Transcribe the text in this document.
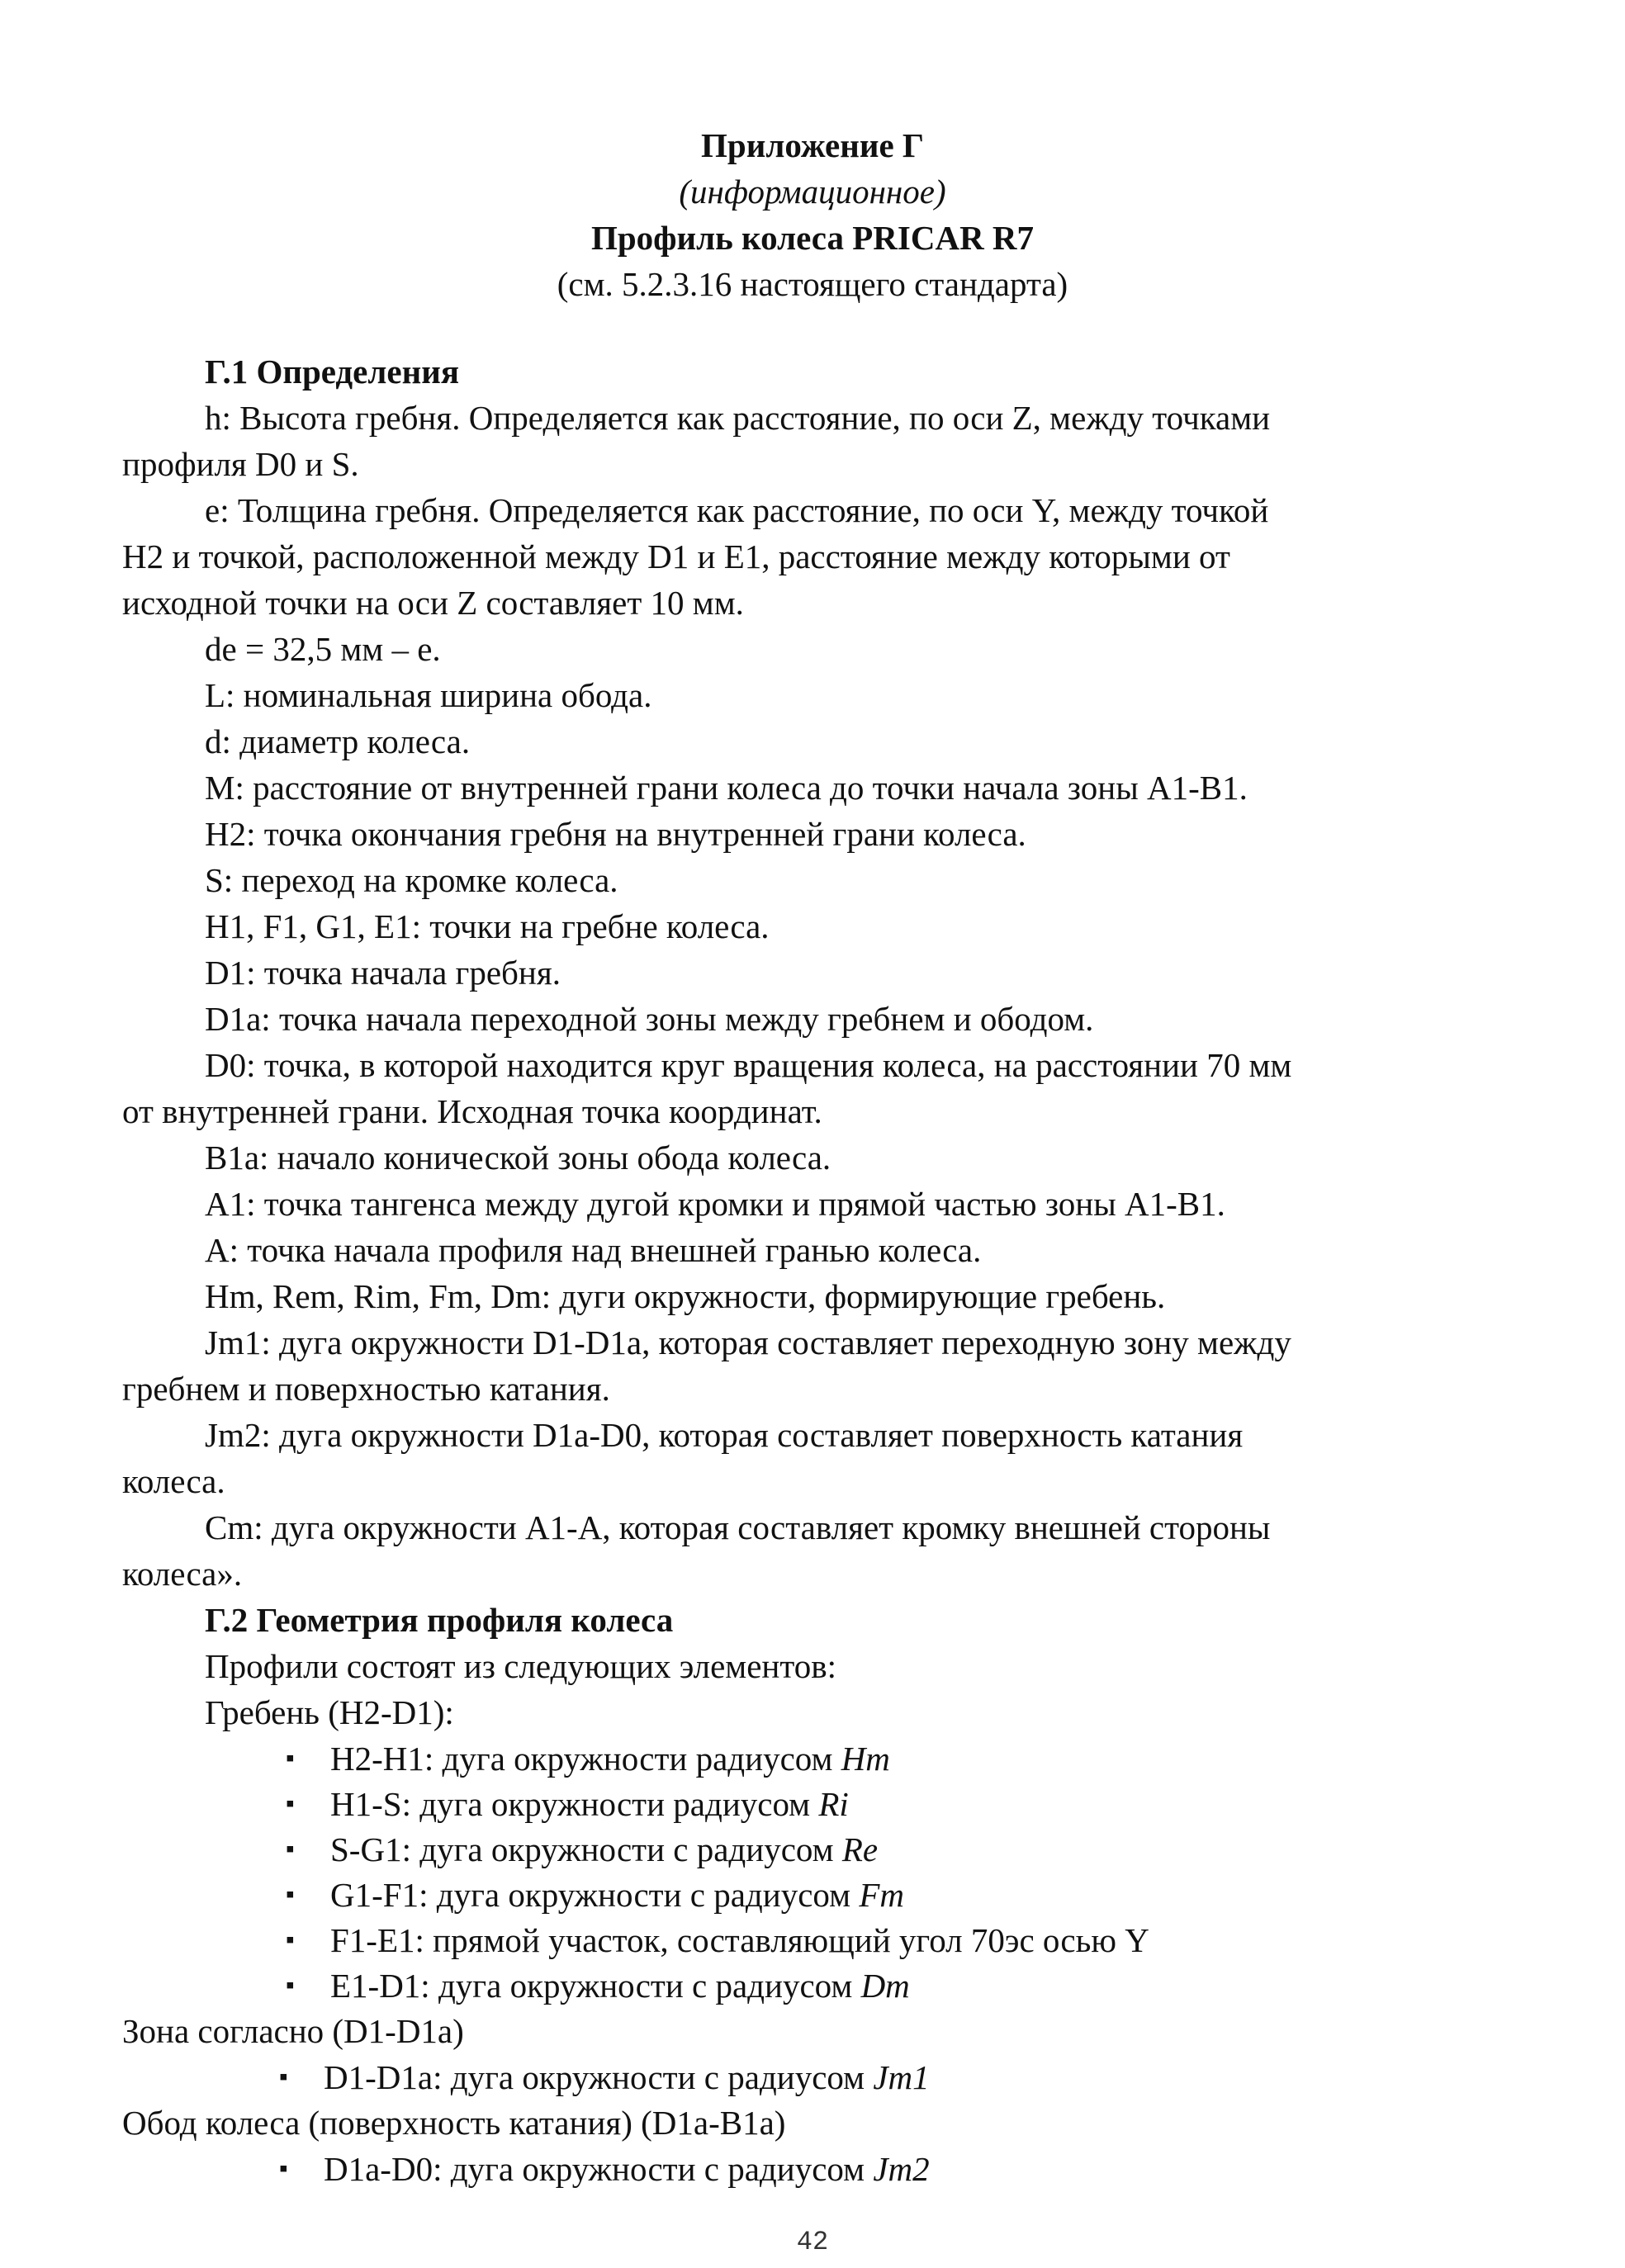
Приложение Г
(информационное)
Профиль колеса PRICAR R7
(см. 5.2.3.16 настоящего стандарта)
Г.1 Определения
h: Высота гребня. Определяется как расстояние, по оси Z, между точками
профиля D0 и S.
e: Толщина гребня. Определяется как расстояние, по оси Y, между точкой
H2 и точкой, расположенной между D1 и E1, расстояние между которыми от
исходной точки на оси Z составляет 10 мм.
de = 32,5 мм – e.
L: номинальная ширина обода.
d: диаметр колеса.
M: расстояние от внутренней грани колеса до точки начала зоны A1-B1.
H2: точка окончания гребня на внутренней грани колеса.
S: переход на кромке колеса.
H1, F1, G1, E1: точки на гребне колеса.
D1: точка начала гребня.
D1a: точка начала переходной зоны между гребнем и ободом.
D0: точка, в которой находится круг вращения колеса, на расстоянии 70 мм
от внутренней грани. Исходная точка координат.
B1a: начало конической зоны обода колеса.
A1: точка тангенса между дугой кромки и прямой частью зоны A1-B1.
A: точка начала профиля над внешней гранью колеса.
Hm, Rem, Rim, Fm, Dm: дуги окружности, формирующие гребень.
Jm1: дуга окружности D1-D1a, которая составляет переходную зону между
гребнем и поверхностью катания.
Jm2: дуга окружности D1a-D0, которая составляет поверхность катания
колеса.
Cm: дуга окружности A1-A, которая составляет кромку внешней стороны
колеса».
Г.2 Геометрия профиля колеса
Профили состоят из следующих элементов:
Гребень (H2-D1):
▪ H2-H1: дуга окружности радиусом Hm
▪ H1-S: дуга окружности радиусом Ri
▪ S-G1: дуга окружности с радиусом Re
▪ G1-F1: дуга окружности с радиусом Fm
▪ F1-E1: прямой участок, составляющий угол 70эс осью Y
▪ E1-D1: дуга окружности с радиусом Dm
Зона согласно (D1-D1a)
▪ D1-D1a: дуга окружности с радиусом Jm1
Обод колеса (поверхность катания) (D1a-B1a)
▪ D1a-D0: дуга окружности с радиусом Jm2
42
